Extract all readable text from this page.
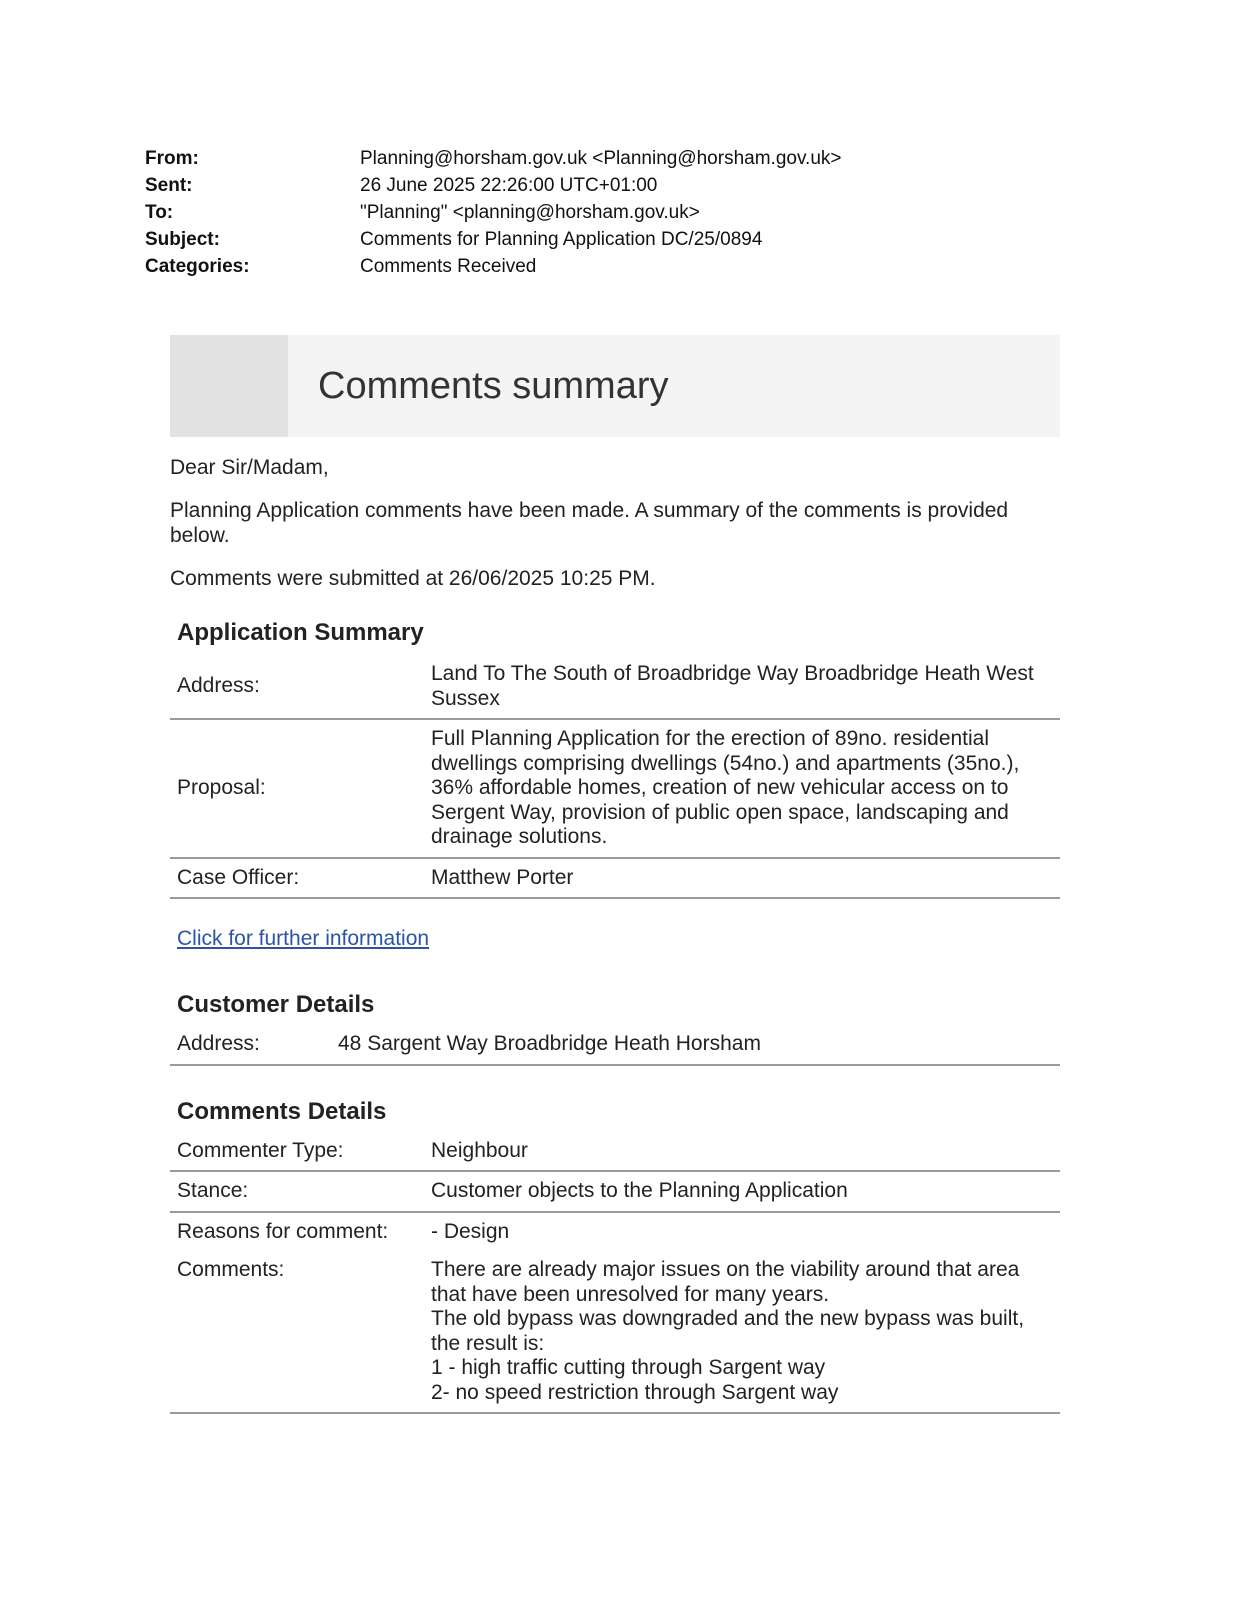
From:	Planning@horsham.gov.uk <Planning@horsham.gov.uk>
Sent:	26 June 2025 22:26:00 UTC+01:00
To:	"Planning" <planning@horsham.gov.uk>
Subject:	Comments for Planning Application DC/25/0894
Categories:	Comments Received
Comments summary

Dear Sir/Madam,

Planning Application comments have been made. A summary of the comments is provided below.

Comments were submitted at 26/06/2025 10:25 PM.

Application Summary
Address:	Land To The South of Broadbridge Way Broadbridge Heath West Sussex
Proposal:	Full Planning Application for the erection of 89no. residential dwellings comprising dwellings (54no.) and apartments (35no.), 36% affordable homes, creation of new vehicular access on to Sergent Way, provision of public open space, landscaping and drainage solutions.
Case Officer:	Matthew Porter
Click for further information
Customer Details
Address:	48 Sargent Way Broadbridge Heath Horsham
Comments Details
Commenter Type:	Neighbour
Stance:	Customer objects to the Planning Application
Reasons for comment:	- Design
Comments:	There are already major issues on the viability around that area that have been unresolved for many years.
The old bypass was downgraded and the new bypass was built, the result is:
1 - high traffic cutting through Sargent way
2- no speed restriction through Sargent way
